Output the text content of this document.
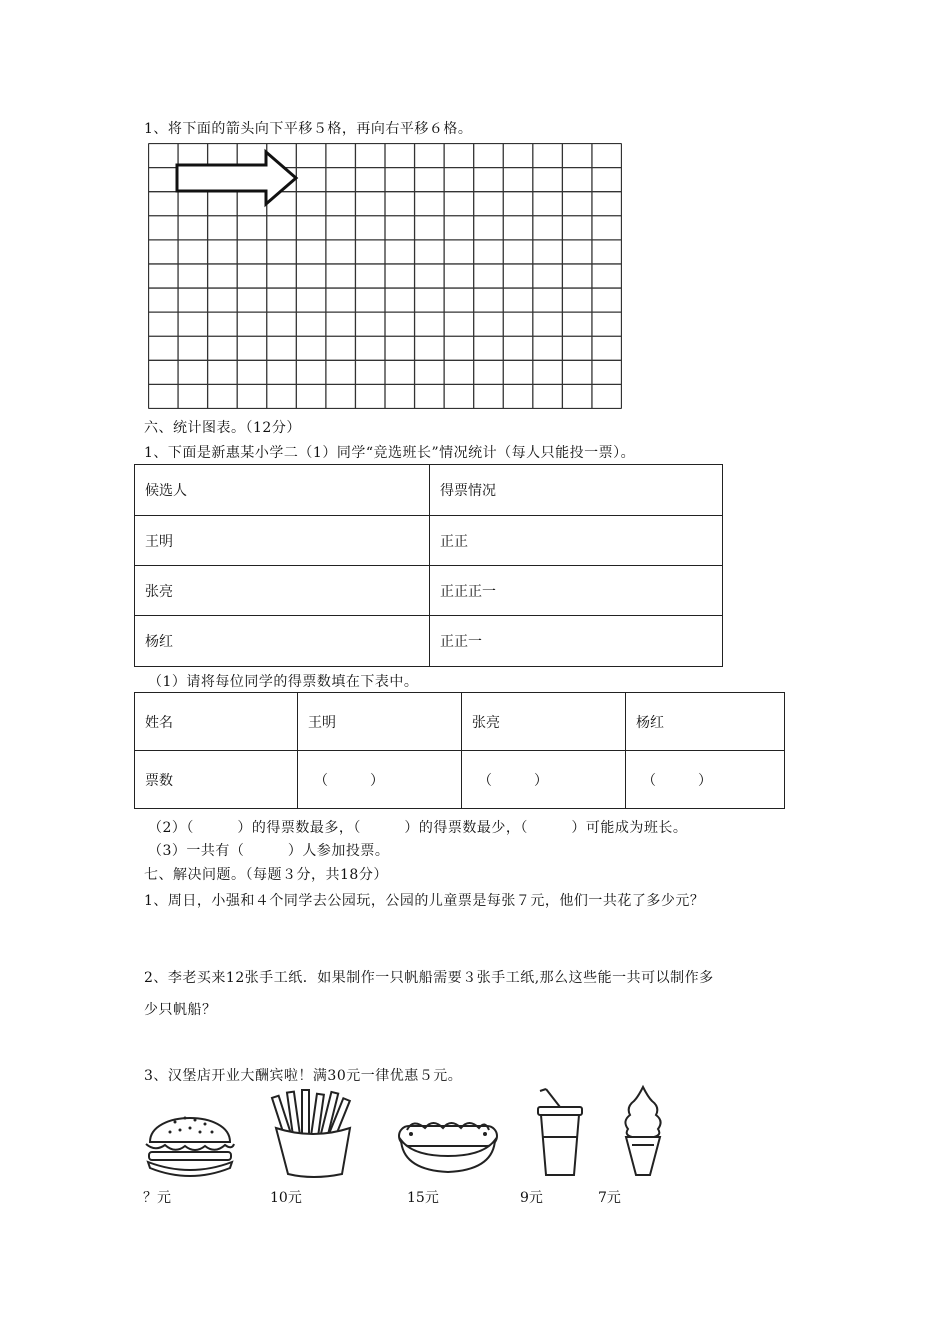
1、将下面的箭头向下平移５格，再向右平移６格。
六、统计图表。（12分）
1、下面是新惠某小学二（1）同学“竞选班长”情况统计（每人只能投一票）。
候选人	得票情况
王明	正正
张亮	正正正一
杨红	正正一
（1）请将每位同学的得票数填在下表中。
姓名	王明	张亮	杨红
票数	（　　　）	（　　　）	（　　　）
（2）（　　　）的得票数最多，（　　　）的得票数最少，（　　　）可能成为班长。
（3）一共有（　　　）人参加投票。
七、解决问题。（每题３分，共18分）
1、周日，小强和４个同学去公园玩，公园的儿童票是每张７元，他们一共花了多少元？
2、李老买来12张手工纸．如果制作一只帆船需要３张手工纸,那么这些能一共可以制作多
少只帆船？
3、汉堡店开业大酬宾啦！满30元一律优惠５元。
？元	10元	15元	9元	7元
